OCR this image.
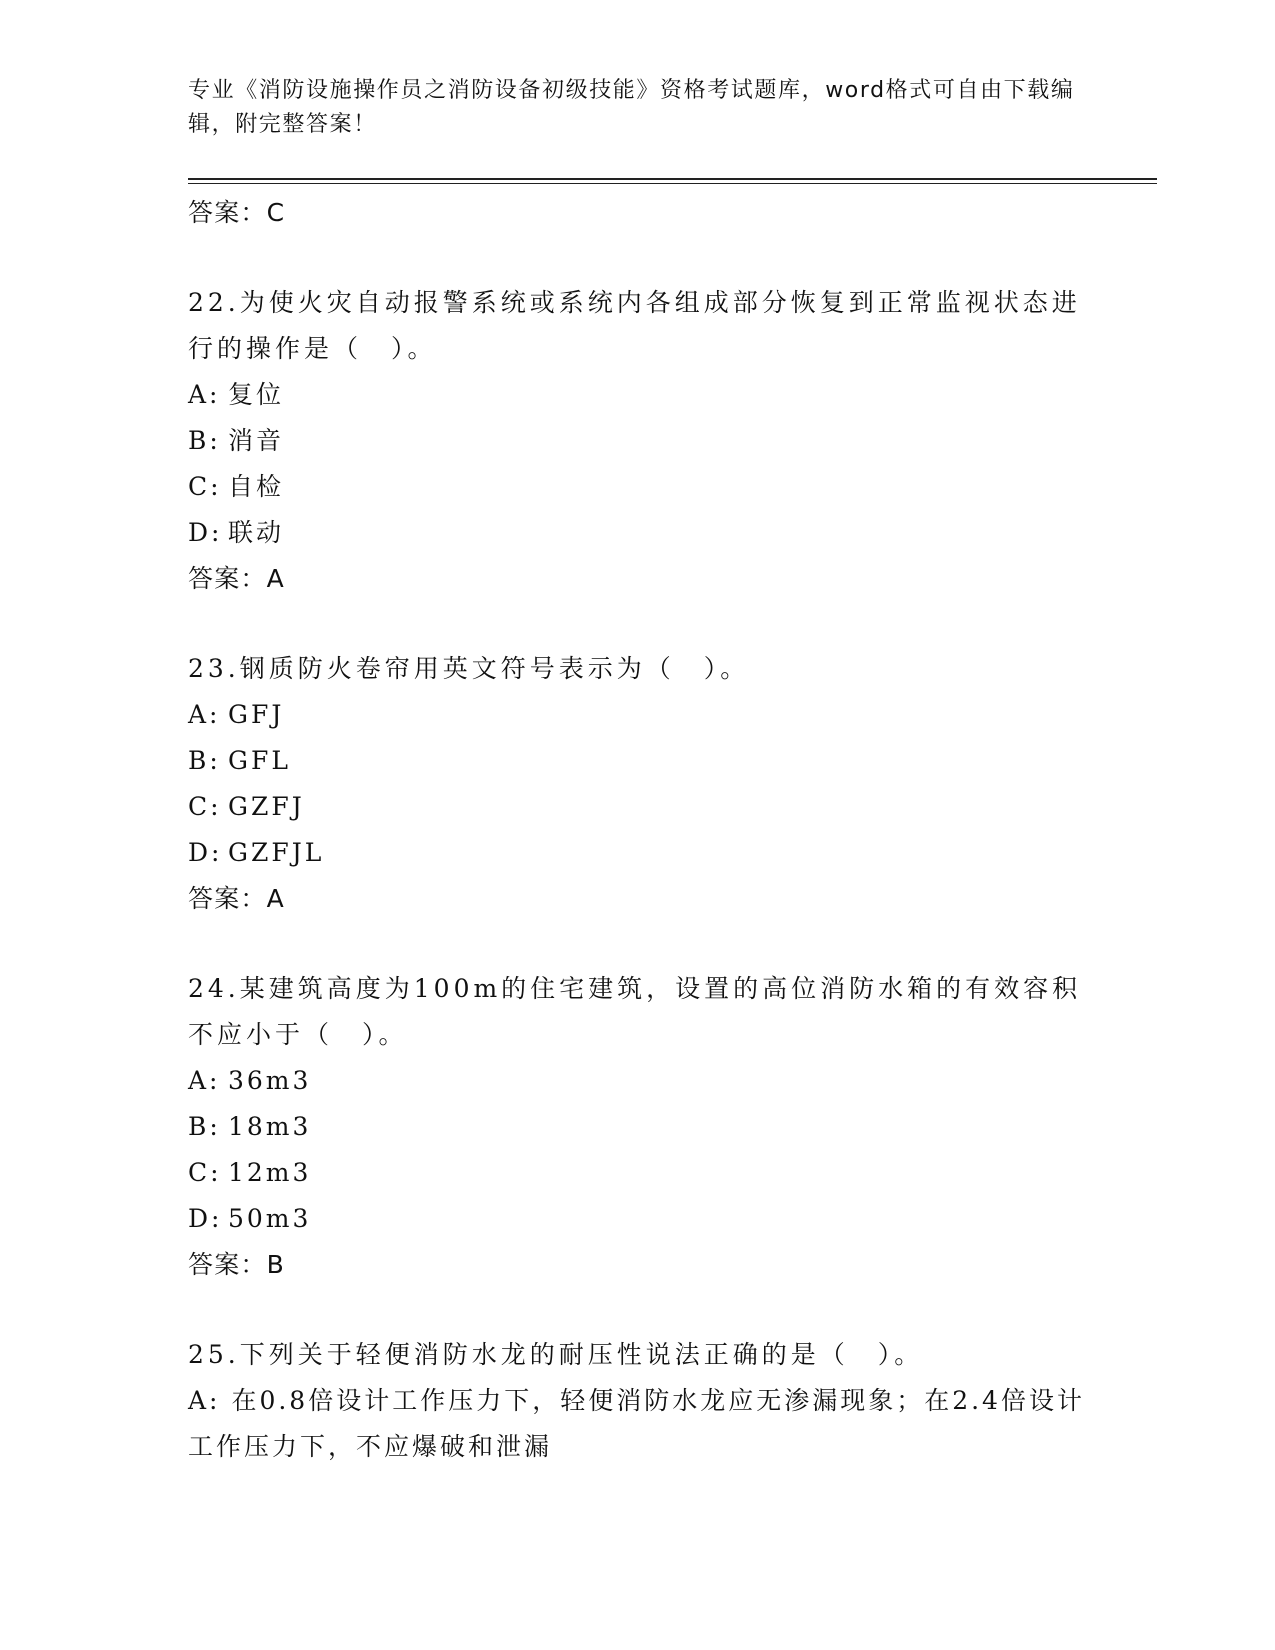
专业《消防设施操作员之消防设备初级技能》资格考试题库，word格式可自由下载编辑，附完整答案！
答案：C
22.为使火灾自动报警系统或系统内各组成部分恢复到正常监视状态进行的操作是（　）。
A: 复位
B: 消音
C: 自检
D: 联动
答案：A
23.钢质防火卷帘用英文符号表示为（　）。
A: GFJ
B: GFL
C: GZFJ
D: GZFJL
答案：A
24.某建筑高度为100m的住宅建筑，设置的高位消防水箱的有效容积不应小于（　）。
A: 36m3
B: 18m3
C: 12m3
D: 50m3
答案：B
25.下列关于轻便消防水龙的耐压性说法正确的是（　）。
A: 在0.8倍设计工作压力下，轻便消防水龙应无渗漏现象；在2.4倍设计工作压力下，不应爆破和泄漏
